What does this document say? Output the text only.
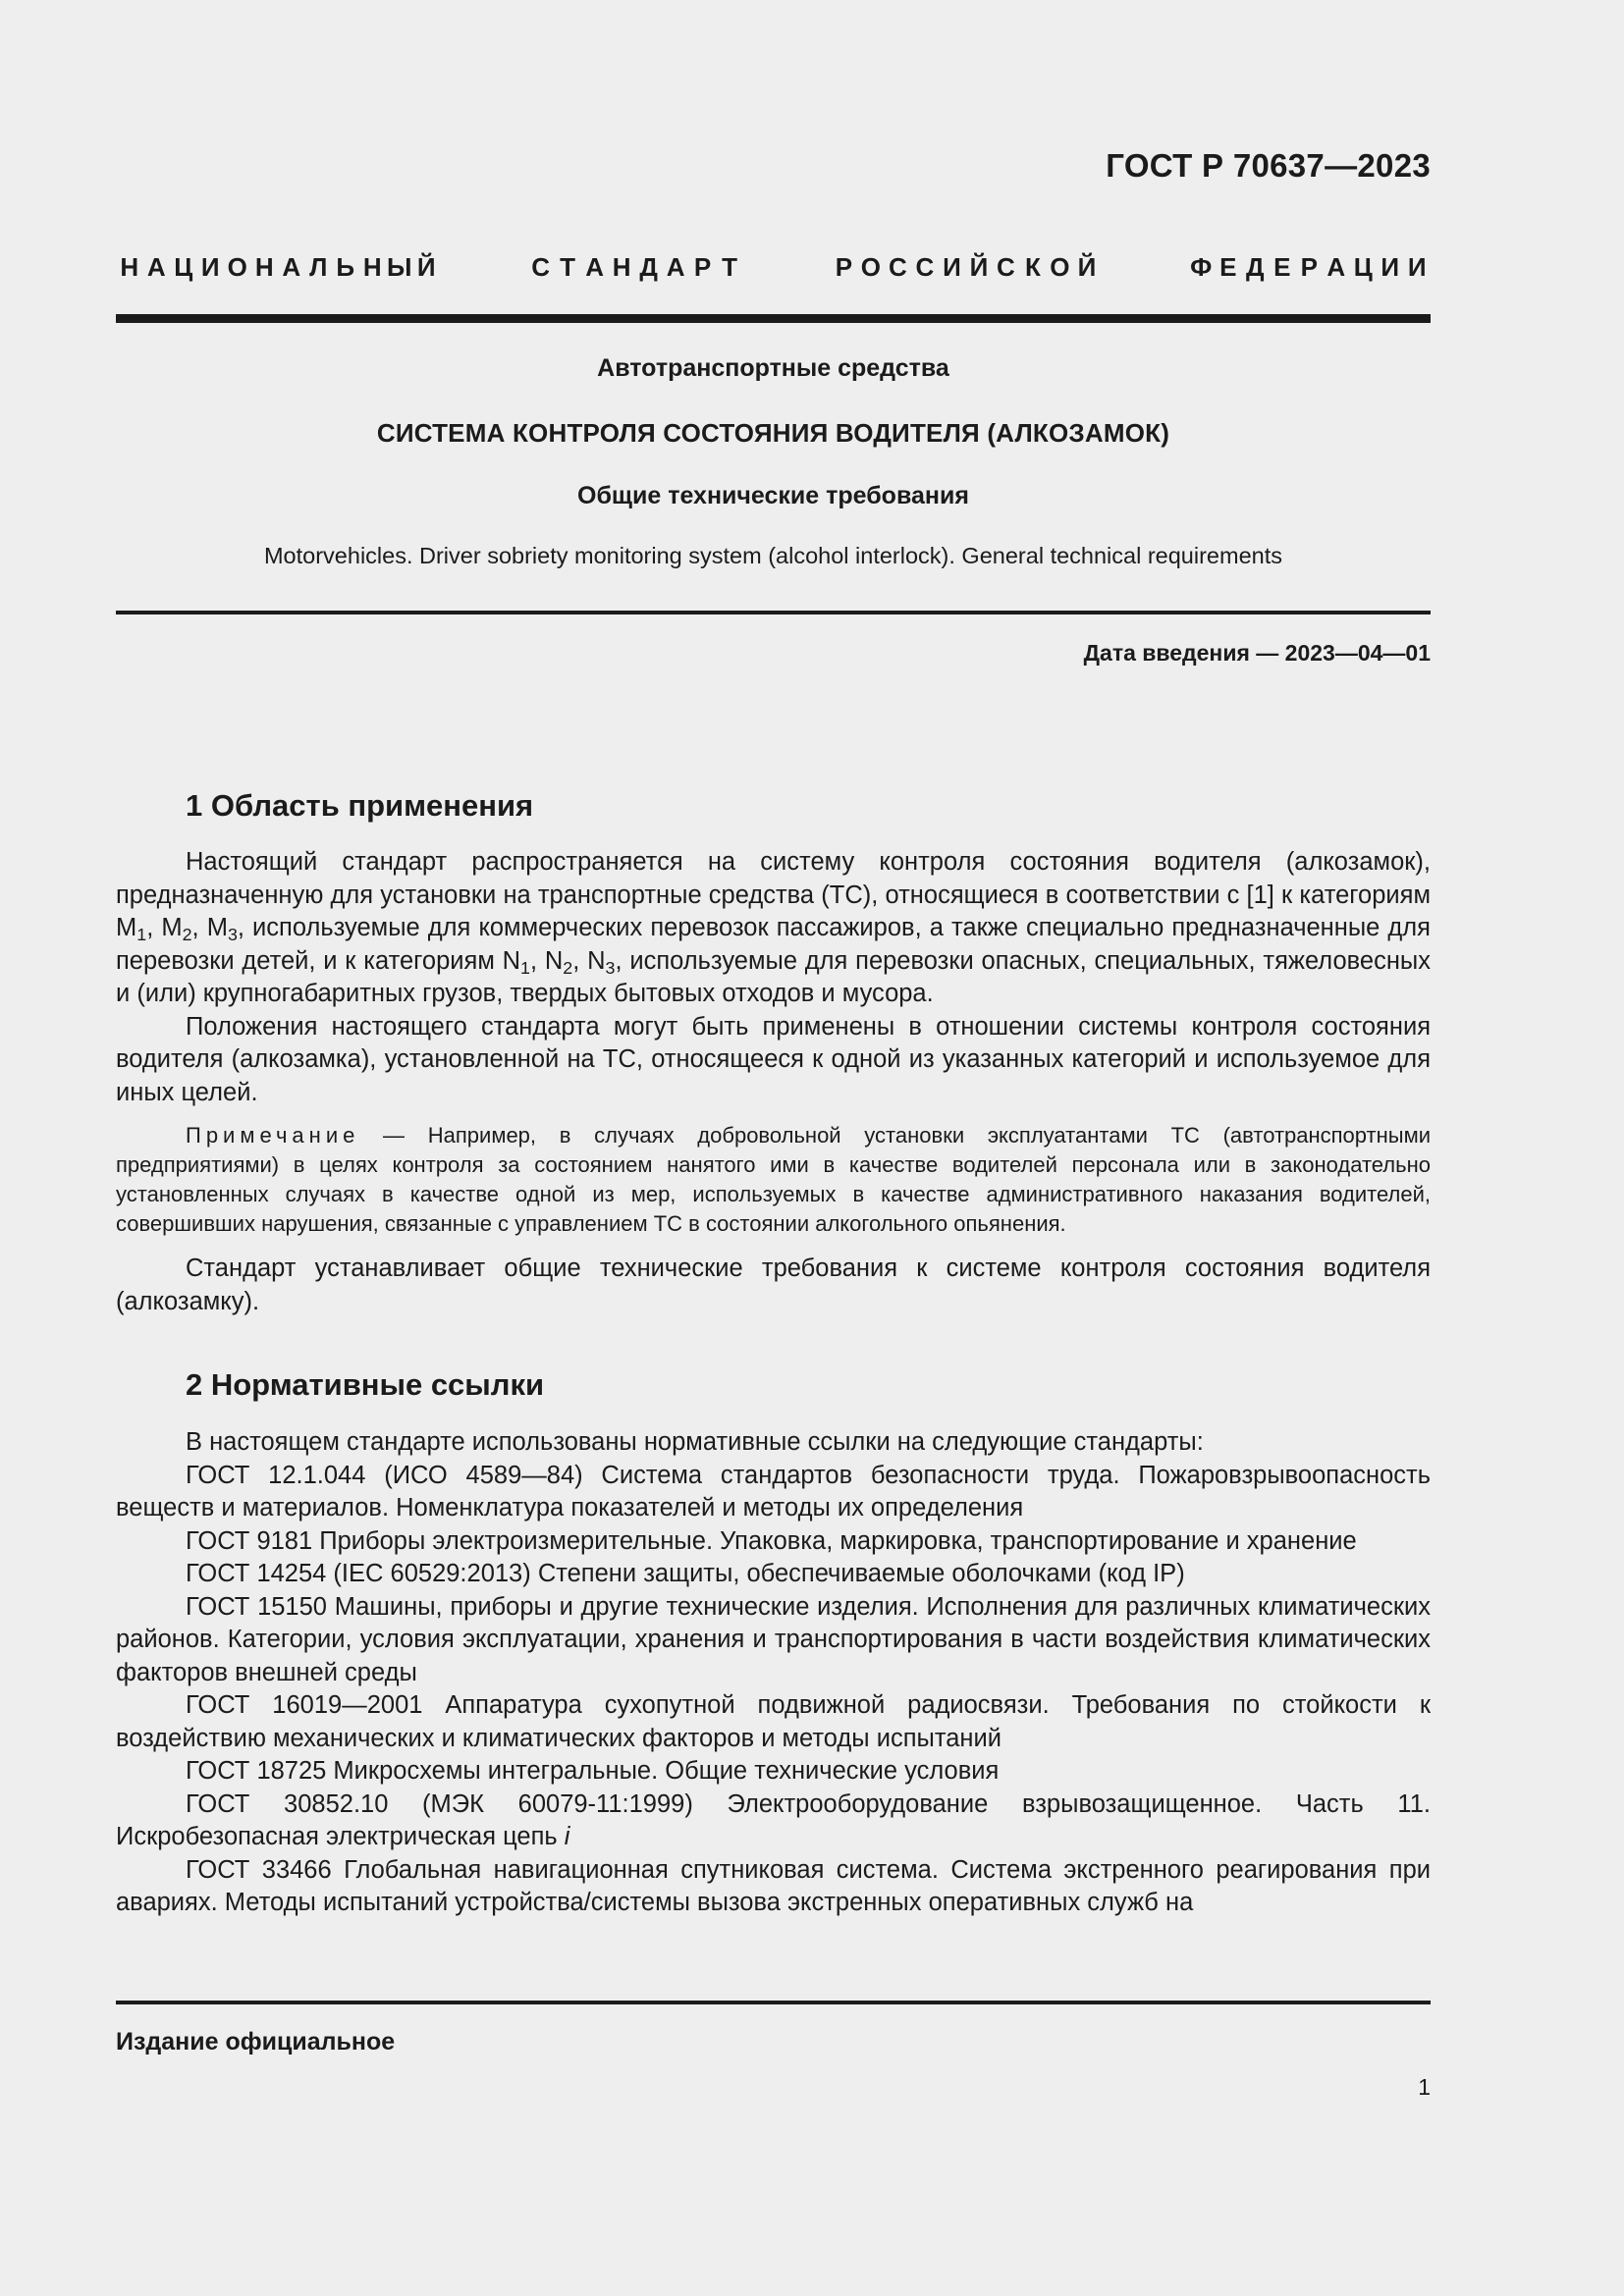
ГОСТ Р 70637—2023
Н А Ц И О Н А Л Ь Н Ы Й	С Т А Н Д А Р Т	Р О С С И Й С К О Й	Ф Е Д Е Р А Ц И И
Автотранспортные средства
СИСТЕМА КОНТРОЛЯ СОСТОЯНИЯ ВОДИТЕЛЯ (АЛКОЗАМОК)
Общие технические требования
Motorvehicles. Driver sobriety monitoring system (alcohol interlock). General technical requirements
Дата введения — 2023—04—01
1 Область применения

Настоящий стандарт распространяется на систему контроля состояния водителя (алкозамок), предназначенную для установки на транспортные средства (ТС), относящиеся в соответствии с [1] к категориям $M_1$, $M_2$, $M_3$, используемые для коммерческих перевозок пассажиров, а также специально предназначенные для перевозки детей, и к категориям $N_1$, $N_2$, $N_3$, используемые для перевозки опасных, специальных, тяжеловесных и (или) крупногабаритных грузов, твердых бытовых отходов и мусора.

Положения настоящего стандарта могут быть применены в отношении системы контроля состояния водителя (алкозамка), установленной на ТС, относящееся к одной из указанных категорий и используемое для иных целей.

Примечание — Например, в случаях добровольной установки эксплуатантами ТС (автотранспортными предприятиями) в целях контроля за состоянием нанятого ими в качестве водителей персонала или в законодательно установленных случаях в качестве одной из мер, используемых в качестве административного наказания водителей, совершивших нарушения, связанные с управлением ТС в состоянии алкогольного опьянения.

Стандарт устанавливает общие технические требования к системе контроля состояния водителя (алкозамку).

2 Нормативные ссылки

В настоящем стандарте использованы нормативные ссылки на следующие стандарты:

ГОСТ 12.1.044 (ИСО 4589—84) Система стандартов безопасности труда. Пожаровзрывоопасность веществ и материалов. Номенклатура показателей и методы их определения

ГОСТ 9181 Приборы электроизмерительные. Упаковка, маркировка, транспортирование и хранение

ГОСТ 14254 (IEC 60529:2013) Степени защиты, обеспечиваемые оболочками (код IP)

ГОСТ 15150 Машины, приборы и другие технические изделия. Исполнения для различных климатических районов. Категории, условия эксплуатации, хранения и транспортирования в части воздействия климатических факторов внешней среды

ГОСТ 16019—2001 Аппаратура сухопутной подвижной радиосвязи. Требования по стойкости к воздействию механических и климатических факторов и методы испытаний

ГОСТ 18725 Микросхемы интегральные. Общие технические условия

ГОСТ 30852.10 (МЭК 60079-11:1999) Электрооборудование взрывозащищенное. Часть 11. Искробезопасная электрическая цепь i

ГОСТ 33466 Глобальная навигационная спутниковая система. Система экстренного реагирования при авариях. Методы испытаний устройства/системы вызова экстренных оперативных служб на

Издание официальное
1
